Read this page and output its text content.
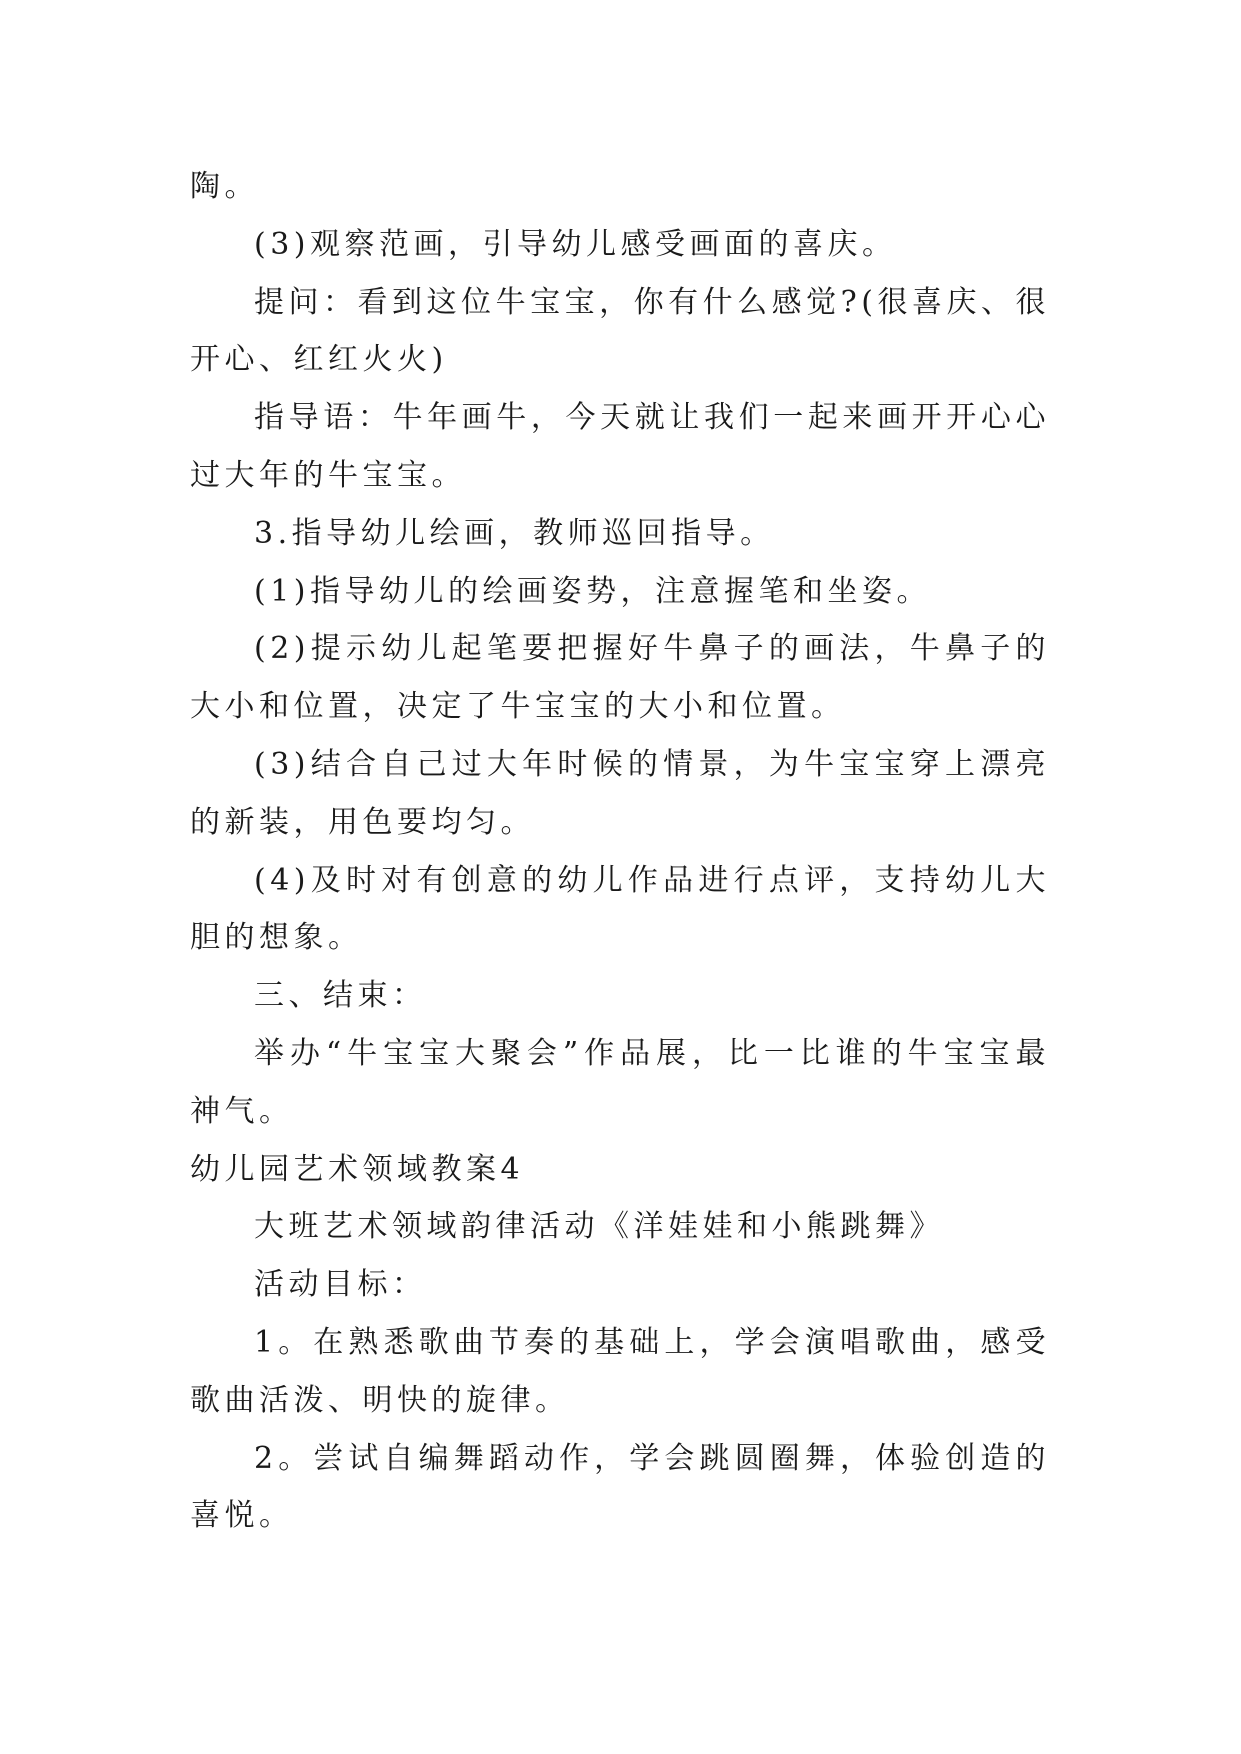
陶。

(3)观察范画，引导幼儿感受画面的喜庆。

提问：看到这位牛宝宝，你有什么感觉?(很喜庆、很开心、红红火火)

指导语：牛年画牛，今天就让我们一起来画开开心心过大年的牛宝宝。

3.指导幼儿绘画，教师巡回指导。

(1)指导幼儿的绘画姿势，注意握笔和坐姿。

(2)提示幼儿起笔要把握好牛鼻子的画法，牛鼻子的大小和位置，决定了牛宝宝的大小和位置。

(3)结合自己过大年时候的情景，为牛宝宝穿上漂亮的新装，用色要均匀。

(4)及时对有创意的幼儿作品进行点评，支持幼儿大胆的想象。

三、结束：

举办“牛宝宝大聚会”作品展，比一比谁的牛宝宝最神气。

幼儿园艺术领域教案4

大班艺术领域韵律活动《洋娃娃和小熊跳舞》

活动目标：

1。在熟悉歌曲节奏的基础上，学会演唱歌曲，感受歌曲活泼、明快的旋律。

2。尝试自编舞蹈动作，学会跳圆圈舞，体验创造的喜悦。
